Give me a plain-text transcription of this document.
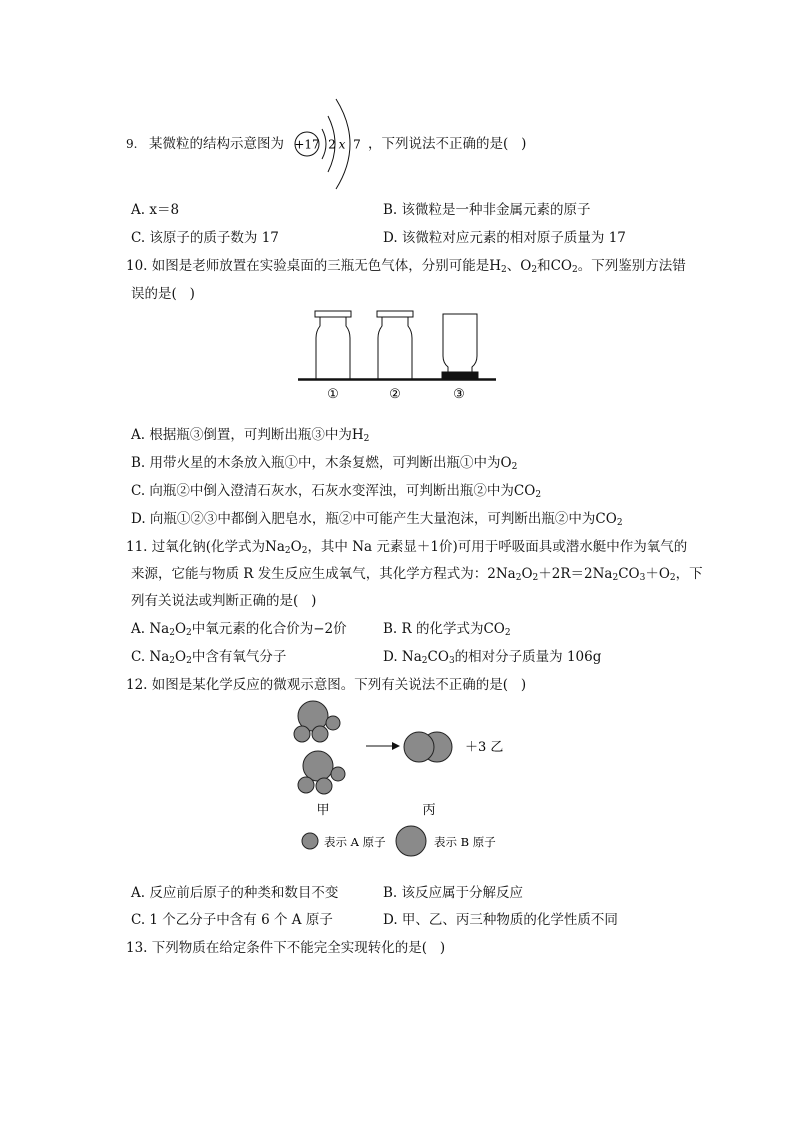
9. 某微粒的结构示意图为 +17 2 x 7 ，下列说法不正确的是(   )
A. x＝8	B. 该微粒是一种非金属元素的原子
C. 该原子的质子数为 17	D. 该微粒对应元素的相对原子质量为 17
10. 如图是老师放置在实验桌面的三瓶无色气体，分别可能是$H_2$、$O_2$和$CO_2$。下列鉴别方法错
误的是(   )
①	②	③
A. 根据瓶③倒置，可判断出瓶③中为$H_2$
B. 用带火星的木条放入瓶①中，木条复燃，可判断出瓶①中为$O_2$
C. 向瓶②中倒入澄清石灰水，石灰水变浑浊，可判断出瓶②中为$CO_2$
D. 向瓶①②③中都倒入肥皂水，瓶②中可能产生大量泡沫，可判断出瓶②中为$CO_2$
11. 过氧化钠(化学式为$Na_2O_2$，其中 Na 元素显＋1价)可用于呼吸面具或潜水艇中作为氧气的
来源，它能与物质 R 发生反应生成氧气，其化学方程式为：$2Na_2O_2+2R=2Na_2CO_3+O_2$，下
列有关说法或判断正确的是(   )
A. $Na_2O_2$中氧元素的化合价为−2价	B. R 的化学式为$CO_2$
C. $Na_2O_2$中含有氧气分子	D. $Na_2CO_3$的相对分子质量为 106g
12. 如图是某化学反应的微观示意图。下列有关说法不正确的是(   )
＋3 乙
甲	丙
表示 A 原子	表示 B 原子
A. 反应前后原子的种类和数目不变	B. 该反应属于分解反应
C. 1 个乙分子中含有 6 个 A 原子	D. 甲、乙、丙三种物质的化学性质不同
13. 下列物质在给定条件下不能完全实现转化的是(   )
